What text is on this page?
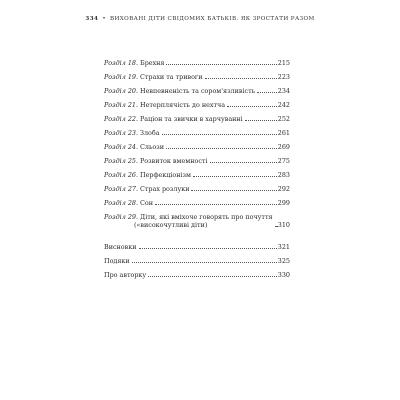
334 • ВИХОВАНІ ДІТИ СВІДОМИХ БАТЬКІВ. ЯК ЗРОСТАТИ РАЗОМ
Розділ 18. Брехня	215
Розділ 19. Страхи та тривоги	223
Розділ 20. Невпевненість та сором'язливість	234
Розділ 21. Нетерплячість до нехтча	242
Розділ 22. Раціон та звички в харчуванні	252
Розділ 23. Злоба	261
Розділ 24. Сльози	269
Розділ 25. Розвиток вмемності	275
Розділ 26. Перфекціонізм	283
Розділ 27. Страх розлуки	292
Розділ 28. Сон	299
Розділ 29. Діти, які вміхоче говорять про почуття
(«високочутливі діти)	310
Висновки	321
Подяки	325
Про авторку	330
